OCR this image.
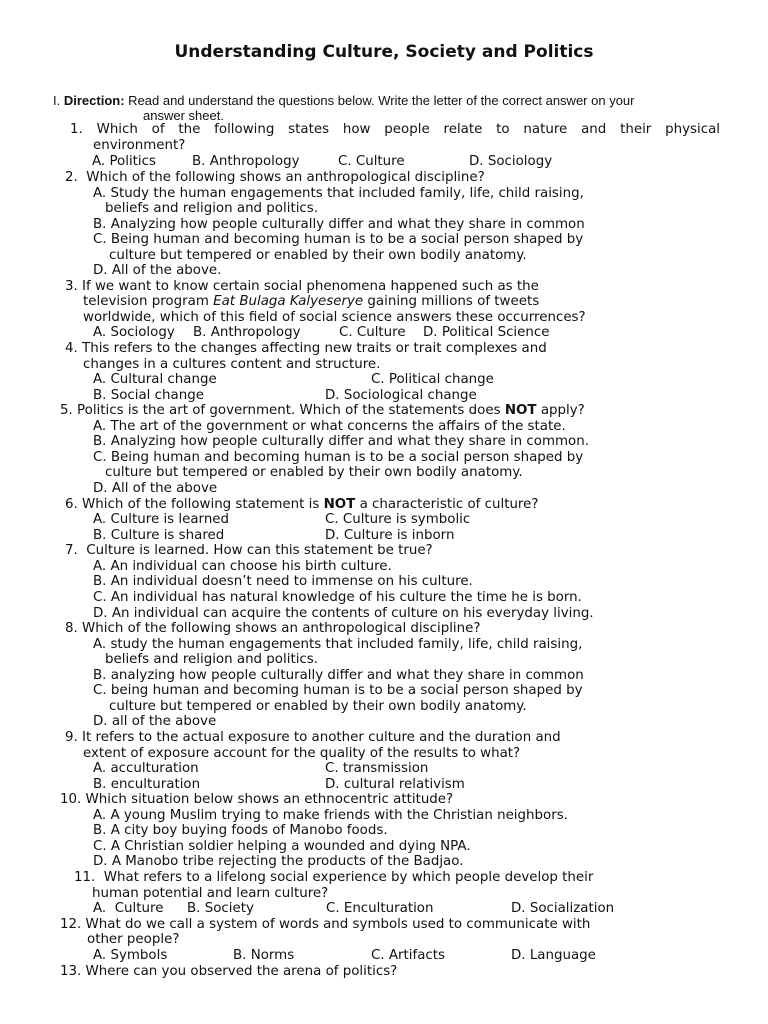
Understanding Culture, Society and Politics
I. Direction: Read and understand the questions below. Write the letter of the correct answer on your
answer sheet.
1. Which of the following states how people relate to nature and their physical
environment?
A. Politics	B. Anthropology	C. Culture	D. Sociology
2.  Which of the following shows an anthropological discipline?
A. Study the human engagements that included family, life, child raising,
beliefs and religion and politics.
B. Analyzing how people culturally differ and what they share in common
C. Being human and becoming human is to be a social person shaped by
culture but tempered or enabled by their own bodily anatomy.
D. All of the above.
3. If we want to know certain social phenomena happened such as the
television program Eat Bulaga Kalyeserye gaining millions of tweets
worldwide, which of this field of social science answers these occurrences?
A. Sociology B. Anthropology	C. Culture D. Political Science
4. This refers to the changes affecting new traits or trait complexes and
changes in a cultures content and structure.
A. Cultural change	C. Political change
B. Social change	D. Sociological change
5. Politics is the art of government. Which of the statements does NOT apply?
A. The art of the government or what concerns the affairs of the state.
B. Analyzing how people culturally differ and what they share in common.
C. Being human and becoming human is to be a social person shaped by
culture but tempered or enabled by their own bodily anatomy.
D. All of the above
6. Which of the following statement is NOT a characteristic of culture?
A. Culture is learned	C. Culture is symbolic
B. Culture is shared	D. Culture is inborn
7.  Culture is learned. How can this statement be true?
A. An individual can choose his birth culture.
B. An individual doesn’t need to immense on his culture.
C. An individual has natural knowledge of his culture the time he is born.
D. An individual can acquire the contents of culture on his everyday living.
8. Which of the following shows an anthropological discipline?
A. study the human engagements that included family, life, child raising,
beliefs and religion and politics.
B. analyzing how people culturally differ and what they share in common
C. being human and becoming human is to be a social person shaped by
culture but tempered or enabled by their own bodily anatomy.
D. all of the above
9. It refers to the actual exposure to another culture and the duration and
extent of exposure account for the quality of the results to what?
A. acculturation	C. transmission
B. enculturation	D. cultural relativism
10. Which situation below shows an ethnocentric attitude?
A. A young Muslim trying to make friends with the Christian neighbors.
B. A city boy buying foods of Manobo foods.
C. A Christian soldier helping a wounded and dying NPA.
D. A Manobo tribe rejecting the products of the Badjao.
11.  What refers to a lifelong social experience by which people develop their
human potential and learn culture?
A.  Culture B. Society	C. Enculturation	D. Socialization
12. What do we call a system of words and symbols used to communicate with
other people?
A. Symbols	B. Norms	C. Artifacts	D. Language
13. Where can you observed the arena of politics?
